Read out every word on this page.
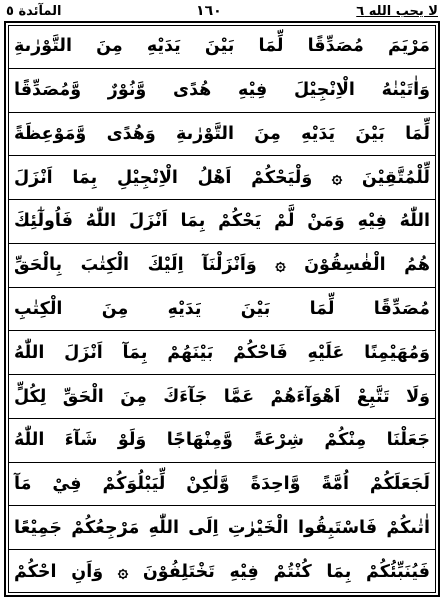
المآئدة ٥	١٦٠	لا يحب الله ٦
مَرْيَمَ مُصَدِّقًا لِّمَا بَيْنَ يَدَيْهِ مِنَ التَّوْرٰىةِ
وَاٰتَيْنٰهُ الْاِنْجِيْلَ فِيْهِ هُدًى وَّنُوْرٌ وَّمُصَدِّقًا
لِّمَا بَيْنَ يَدَيْهِ مِنَ التَّوْرٰىةِ وَهُدًى وَّمَوْعِظَةً
لِّلْمُتَّقِيْنَ ۞ وَلْيَحْكُمْ اَهْلُ الْاِنْجِيْلِ بِمَا اَنْزَلَ
اللّٰهُ فِيْهِ وَمَنْ لَّمْ يَحْكُمْ بِمَا اَنْزَلَ اللّٰهُ فَاُولٰٓئِكَ
هُمُ الْفٰسِقُوْنَ ۞ وَاَنْزَلْنَآ اِلَيْكَ الْكِتٰبَ بِالْحَقِّ
مُصَدِّقًا لِّمَا بَيْنَ يَدَيْهِ مِنَ الْكِتٰبِ
وَمُهَيْمِنًا عَلَيْهِ فَاحْكُمْ بَيْنَهُمْ بِمَآ اَنْزَلَ اللّٰهُ
وَلَا تَتَّبِعْ اَهْوَآءَهُمْ عَمَّا جَآءَكَ مِنَ الْحَقِّ لِكُلٍّ
جَعَلْنَا مِنْكُمْ شِرْعَةً وَّمِنْهَاجًا وَلَوْ شَآءَ اللّٰهُ
لَجَعَلَكُمْ اُمَّةً وَّاحِدَةً وَّلٰكِنْ لِّيَبْلُوَكُمْ فِيْ مَآ
اٰتٰىكُمْ فَاسْتَبِقُوا الْخَيْرٰتِ اِلَى اللّٰهِ مَرْجِعُكُمْ جَمِيْعًا
فَيُنَبِّئُكُمْ بِمَا كُنْتُمْ فِيْهِ تَخْتَلِفُوْنَ ۞ وَاَنِ احْكُمْ
